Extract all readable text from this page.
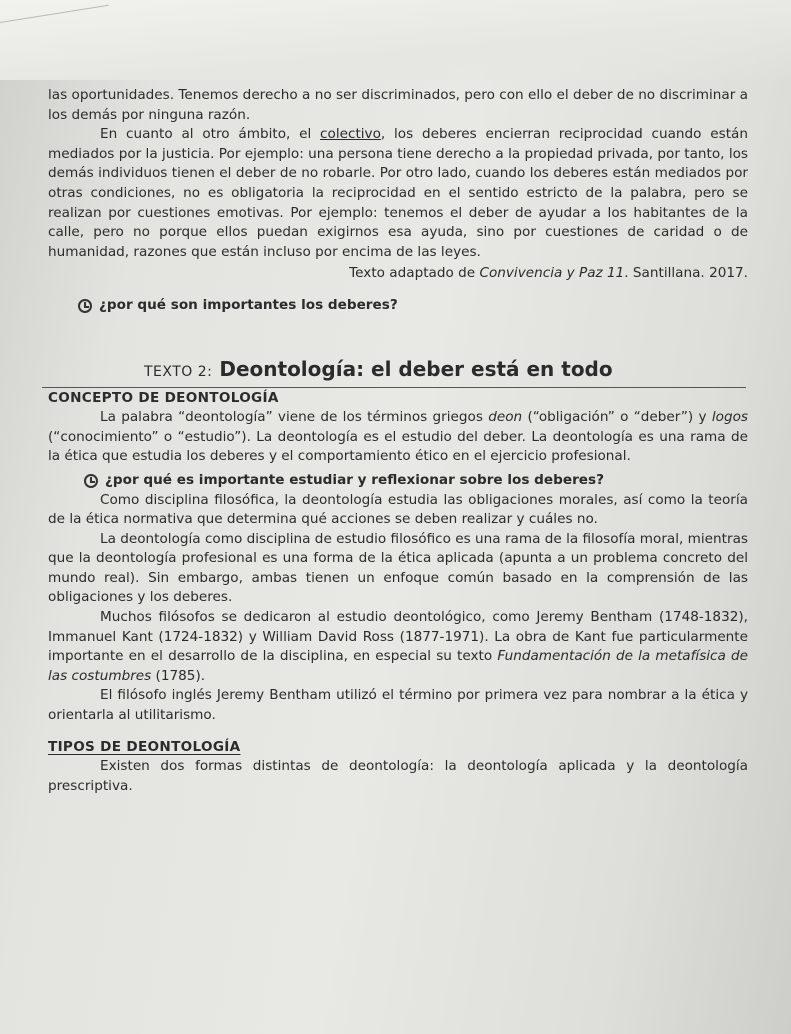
las oportunidades. Tenemos derecho a no ser discriminados, pero con ello el deber de no discriminar a los demás por ninguna razón.

En cuanto al otro ámbito, el colectivo, los deberes encierran reciprocidad cuando están mediados por la justicia. Por ejemplo: una persona tiene derecho a la propiedad privada, por tanto, los demás individuos tienen el deber de no robarle. Por otro lado, cuando los deberes están mediados por otras condiciones, no es obligatoria la reciprocidad en el sentido estricto de la palabra, pero se realizan por cuestiones emotivas. Por ejemplo: tenemos el deber de ayudar a los habitantes de la calle, pero no porque ellos puedan exigirnos esa ayuda, sino por cuestiones de caridad o de humanidad, razones que están incluso por encima de las leyes.

Texto adaptado de Convivencia y Paz 11. Santillana. 2017.

¿por qué son importantes los deberes?
TEXTO 2: Deontología: el deber está en todo
CONCEPTO DE DEONTOLOGÍA

La palabra “deontología” viene de los términos griegos deon (“obligación” o “deber”) y logos (“conocimiento” o “estudio”). La deontología es el estudio del deber. La deontología es una rama de la ética que estudia los deberes y el comportamiento ético en el ejercicio profesional.

¿por qué es importante estudiar y reflexionar sobre los deberes?

Como disciplina filosófica, la deontología estudia las obligaciones morales, así como la teoría de la ética normativa que determina qué acciones se deben realizar y cuáles no.

La deontología como disciplina de estudio filosófico es una rama de la filosofía moral, mientras que la deontología profesional es una forma de la ética aplicada (apunta a un problema concreto del mundo real). Sin embargo, ambas tienen un enfoque común basado en la comprensión de las obligaciones y los deberes.

Muchos filósofos se dedicaron al estudio deontológico, como Jeremy Bentham (1748-1832), Immanuel Kant (1724-1832) y William David Ross (1877-1971). La obra de Kant fue particularmente importante en el desarrollo de la disciplina, en especial su texto Fundamentación de la metafísica de las costumbres (1785).

El filósofo inglés Jeremy Bentham utilizó el término por primera vez para nombrar a la ética y orientarla al utilitarismo.

TIPOS DE DEONTOLOGÍA

Existen dos formas distintas de deontología: la deontología aplicada y la deontología prescriptiva.
